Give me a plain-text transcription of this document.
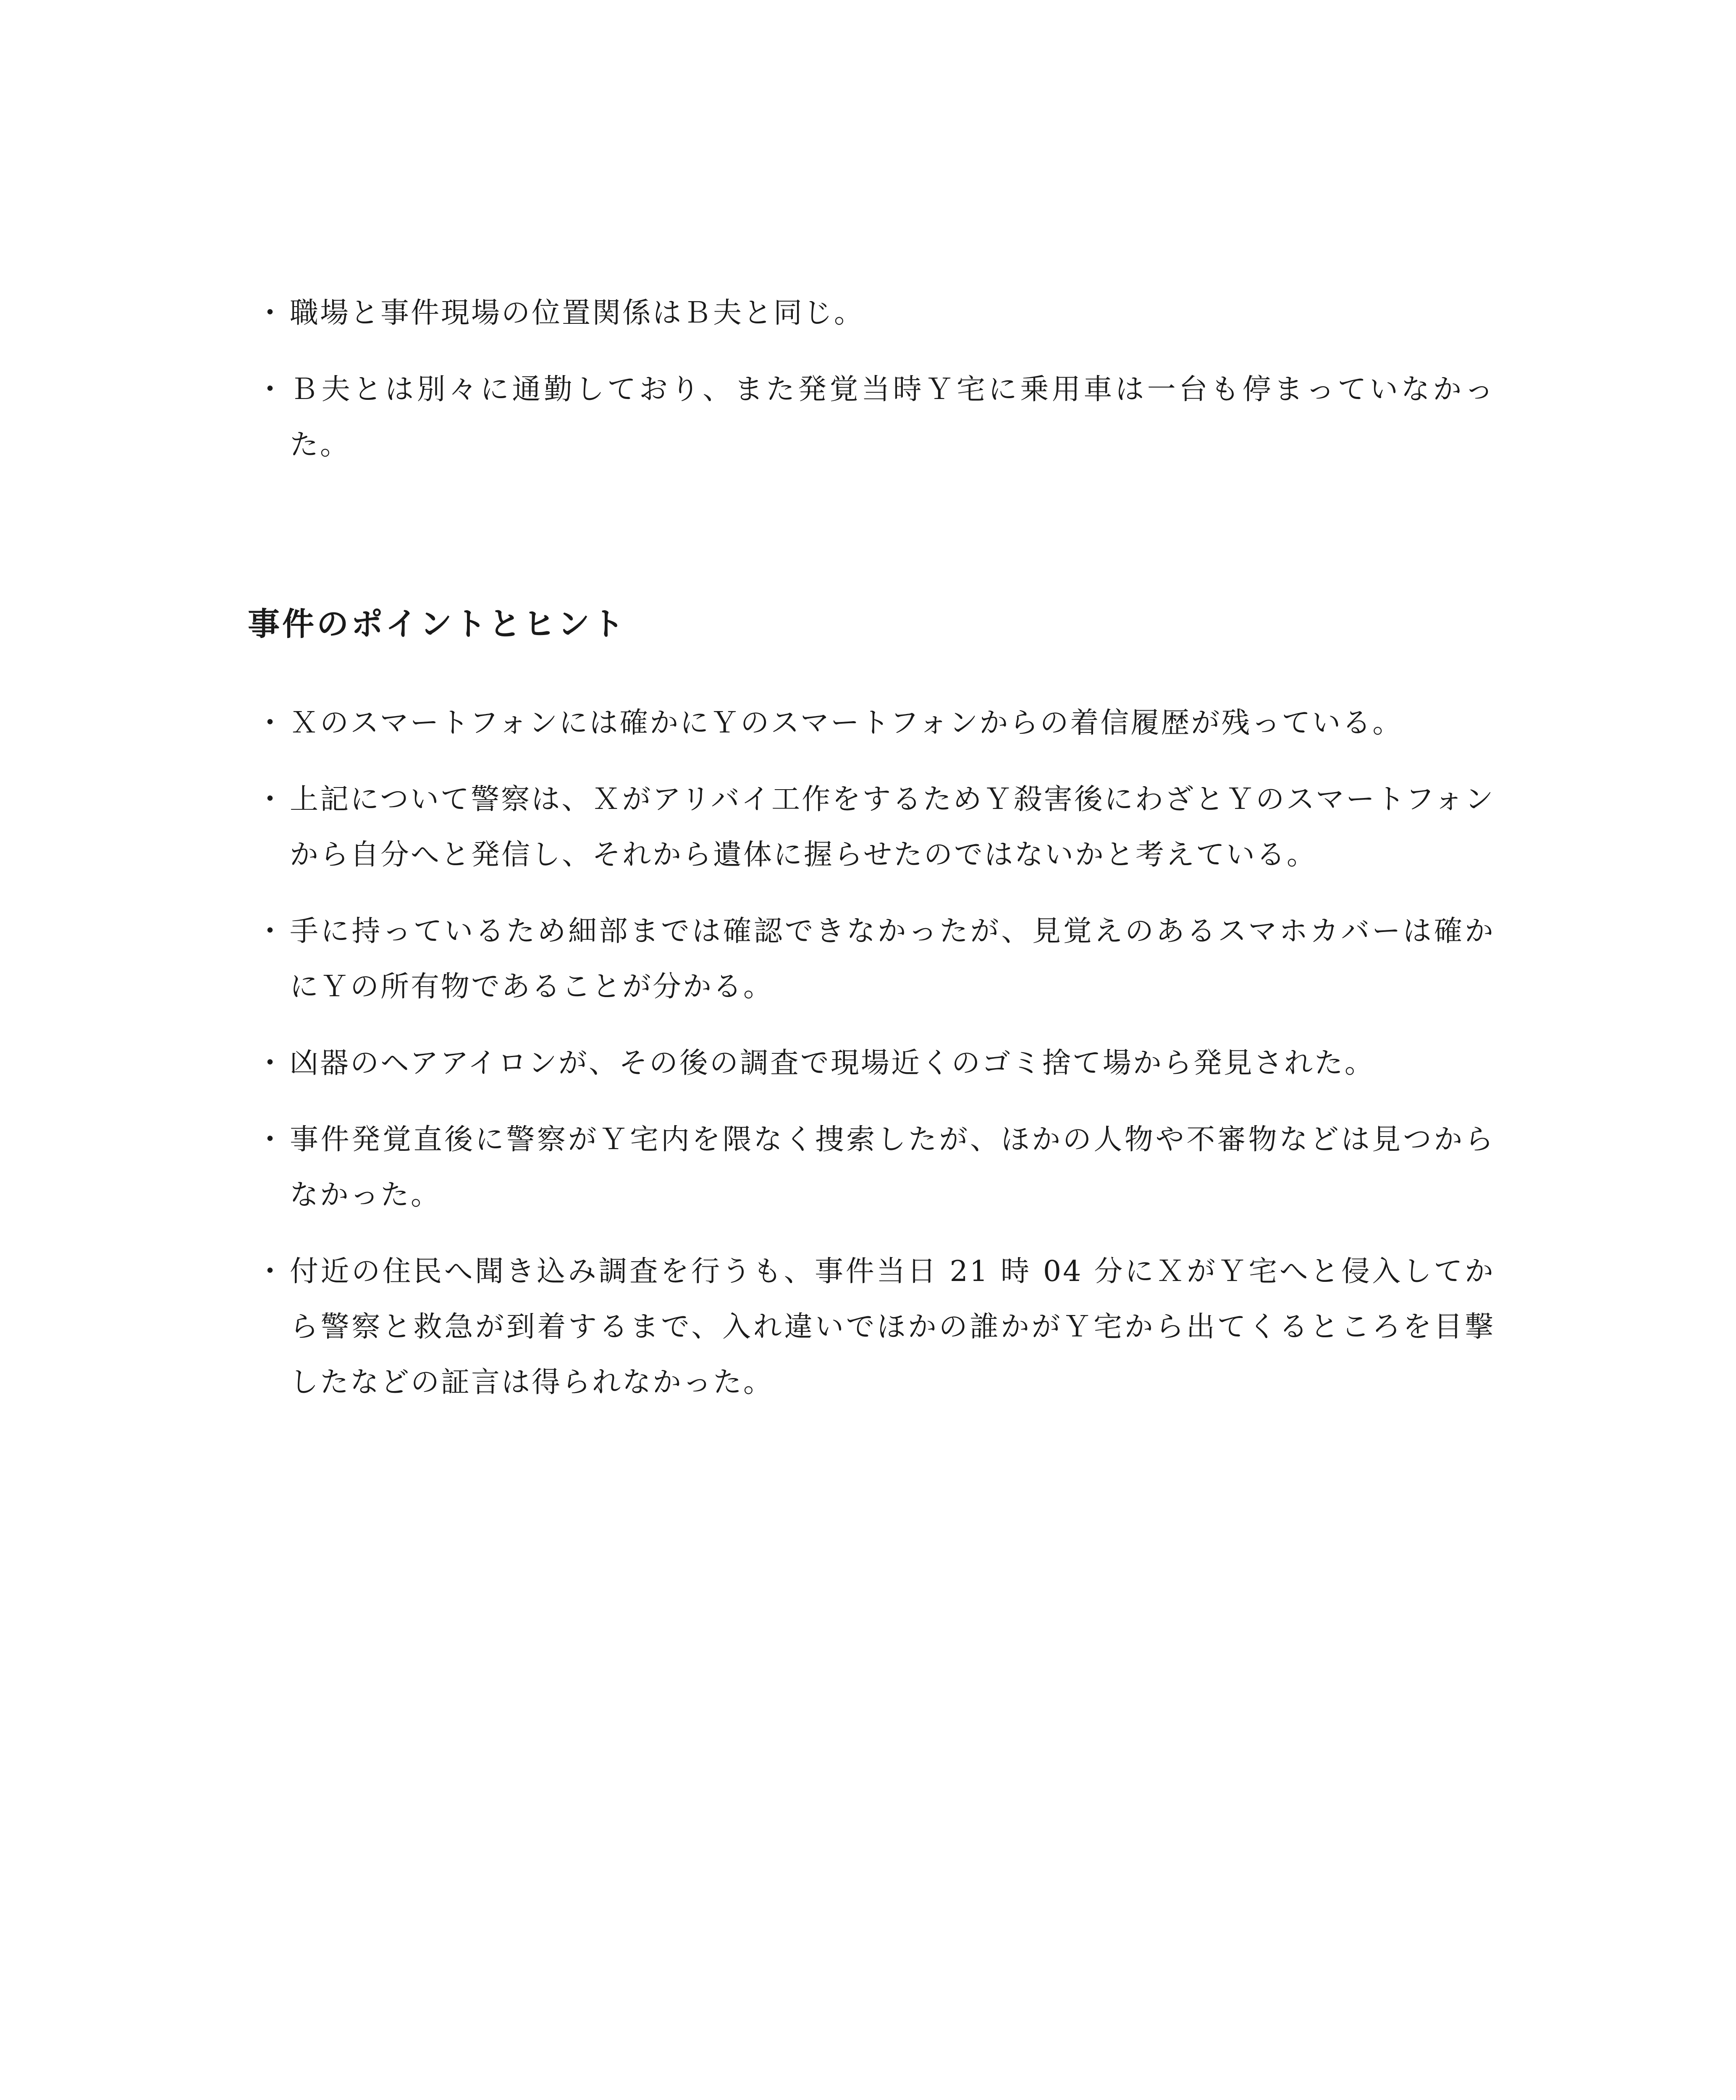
・ 職場と事件現場の位置関係はＢ夫と同じ。
・ Ｂ夫とは別々に通勤しており、また発覚当時Ｙ宅に乗用車は一台も停まっていなかった。
事件のポイントとヒント
・ Ｘのスマートフォンには確かにＹのスマートフォンからの着信履歴が残っている。
・ 上記について警察は、Ｘがアリバイ工作をするためＹ殺害後にわざとＹのスマートフォンから自分へと発信し、それから遺体に握らせたのではないかと考えている。
・ 手に持っているため細部までは確認できなかったが、見覚えのあるスマホカバーは確かにＹの所有物であることが分かる。
・ 凶器のヘアアイロンが、その後の調査で現場近くのゴミ捨て場から発見された。
・ 事件発覚直後に警察がＹ宅内を隈なく捜索したが、ほかの人物や不審物などは見つからなかった。
・ 付近の住民へ聞き込み調査を行うも、事件当日 21 時 04 分にＸがＹ宅へと侵入してから警察と救急が到着するまで、入れ違いでほかの誰かがＹ宅から出てくるところを目撃したなどの証言は得られなかった。
